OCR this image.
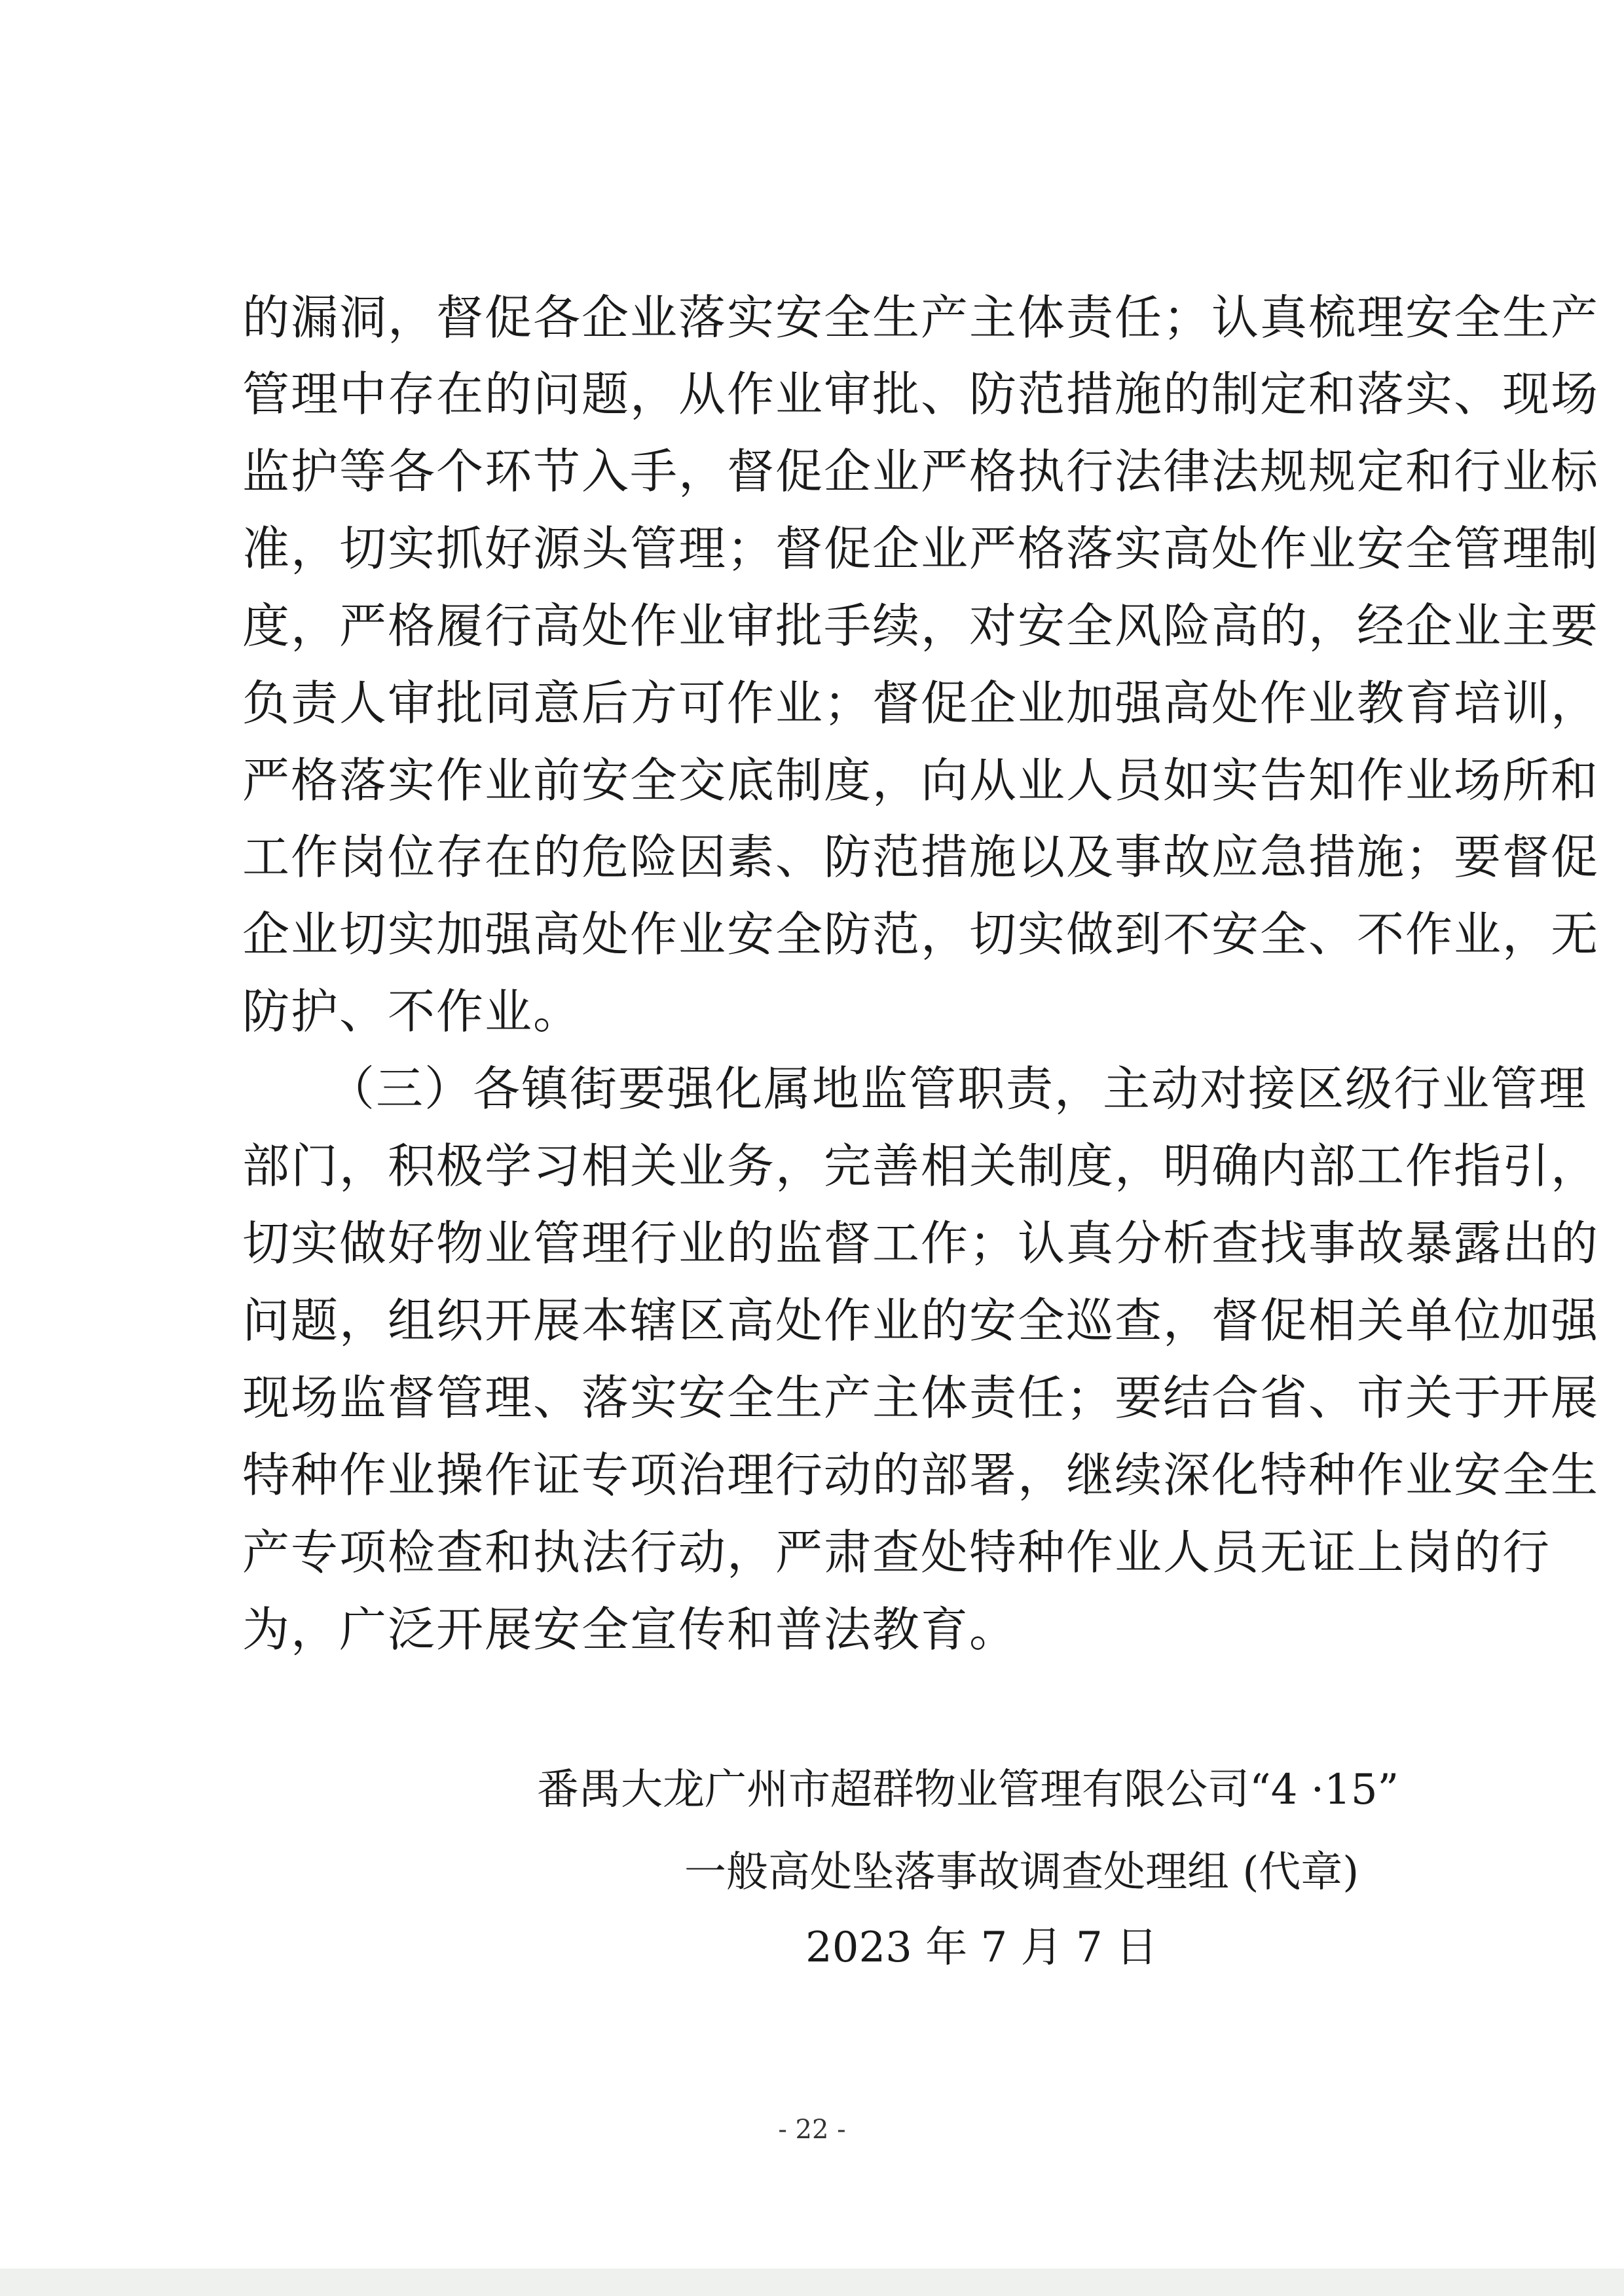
的漏洞，督促各企业落实安全生产主体责任；认真梳理安全生产
管理中存在的问题，从作业审批、防范措施的制定和落实、现场
监护等各个环节入手，督促企业严格执行法律法规规定和行业标
准，切实抓好源头管理；督促企业严格落实高处作业安全管理制
度，严格履行高处作业审批手续，对安全风险高的，经企业主要
负责人审批同意后方可作业；督促企业加强高处作业教育培训，
严格落实作业前安全交底制度，向从业人员如实告知作业场所和
工作岗位存在的危险因素、防范措施以及事故应急措施；要督促
企业切实加强高处作业安全防范，切实做到不安全、不作业，无
防护、不作业。
（三）各镇街要强化属地监管职责，主动对接区级行业管理
部门，积极学习相关业务，完善相关制度，明确内部工作指引，
切实做好物业管理行业的监督工作；认真分析查找事故暴露出的
问题，组织开展本辖区高处作业的安全巡查，督促相关单位加强
现场监督管理、落实安全生产主体责任；要结合省、市关于开展
特种作业操作证专项治理行动的部署，继续深化特种作业安全生
产专项检查和执法行动，严肃查处特种作业人员无证上岗的行
为，广泛开展安全宣传和普法教育。
番禺大龙广州市超群物业管理有限公司“4 ·15”
一般高处坠落事故调查处理组 (代章)
2023 年 7 月 7 日
- 22 -
